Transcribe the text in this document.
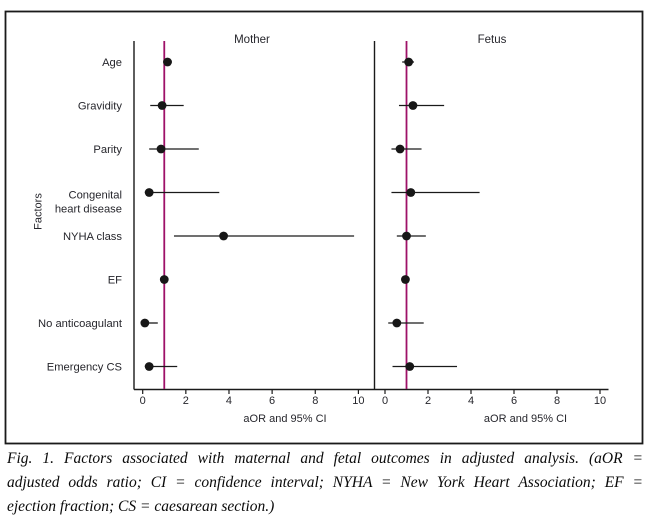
Factors
Age
Gravidity
Parity
Congenital
heart disease
NYHA class
EF
No anticoagulant
Emergency CS
Mother
0	2	4	6	8	10
aOR and 95% CI
Fetus
0	2	4	6	8	10
aOR and 95% CI
Fig. 1. Factors associated with maternal and fetal outcomes in adjusted analysis. (aOR =
adjusted odds ratio; CI = confidence interval; NYHA = New York Heart Association; EF =
ejection fraction; CS = caesarean section.)
